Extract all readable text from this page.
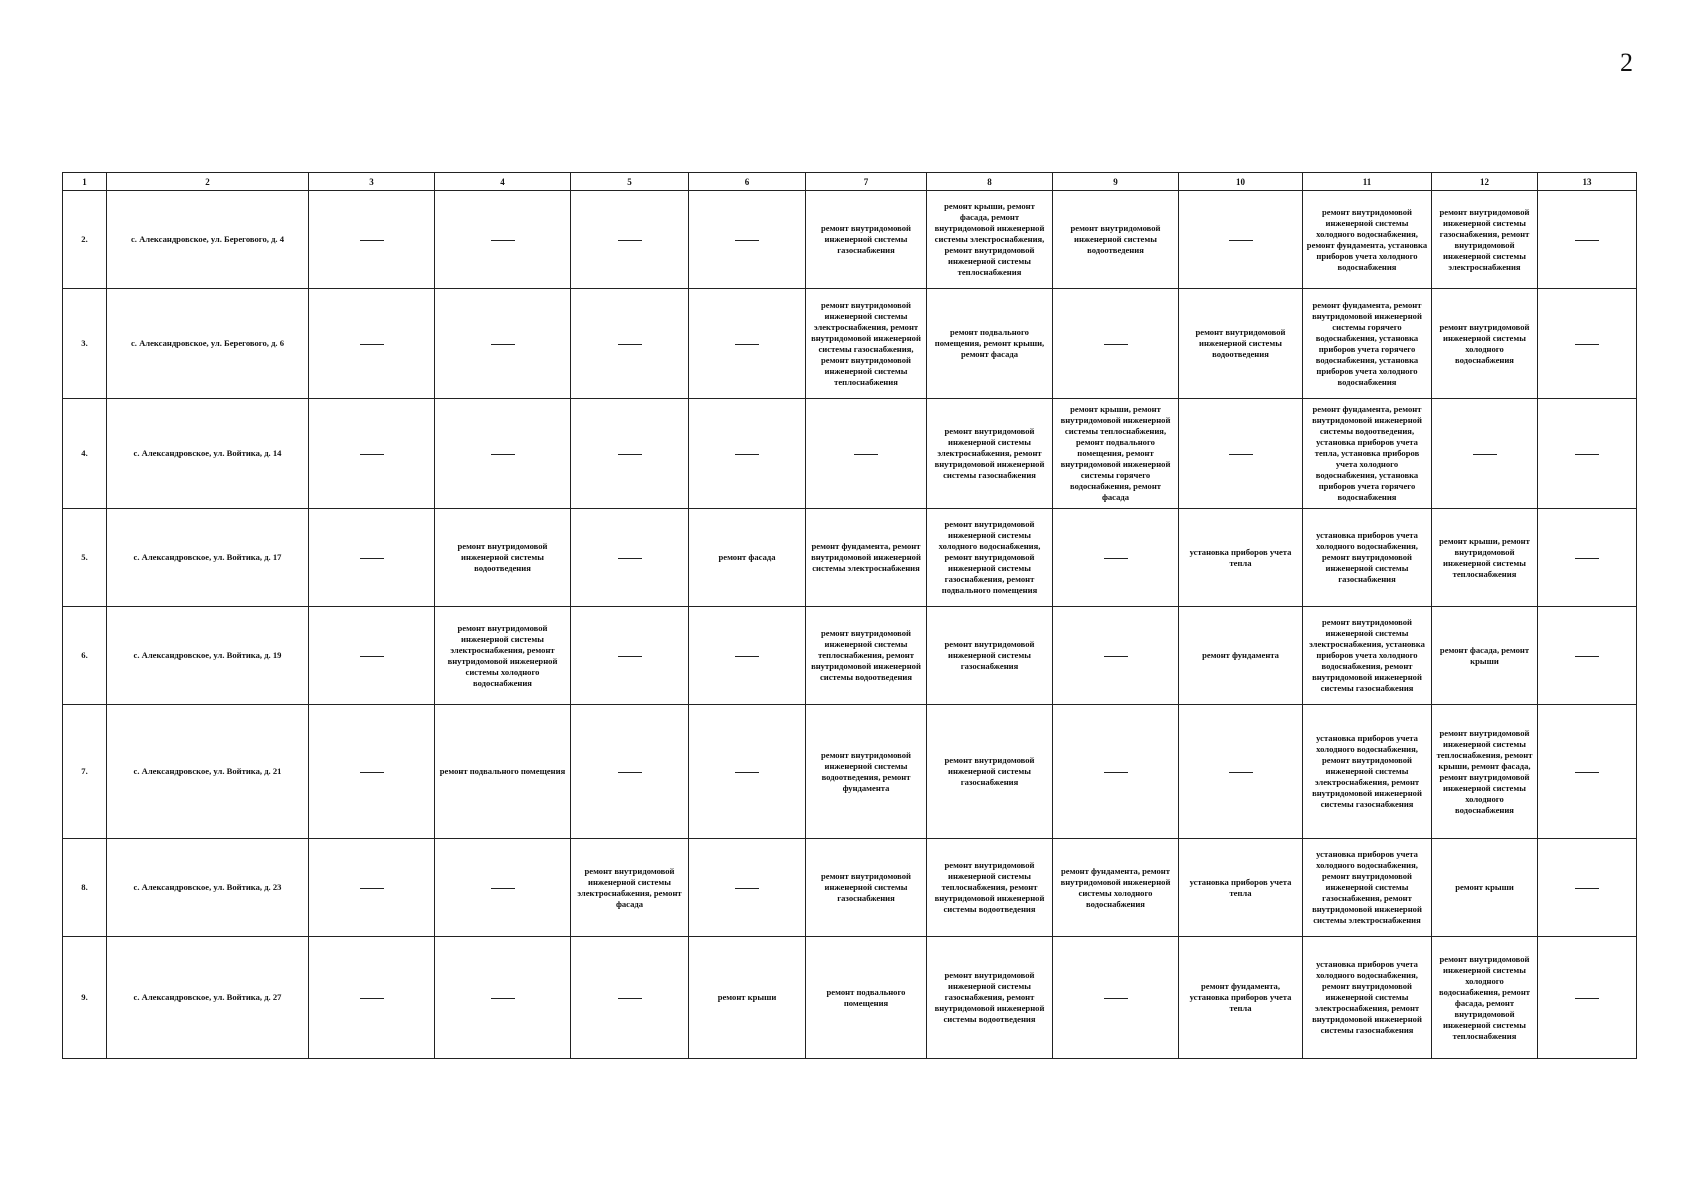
2
1	2	3	4	5	6	7	8	9	10	11	12	13
2.	с. Александровское, ул. Берегового, д. 4					ремонт внутридомовой инженерной системы газоснабжения	ремонт крыши, ремонт фасада, ремонт внутридомовой инженерной системы электроснабжения, ремонт внутридомовой инженерной системы теплоснабжения	ремонт внутридомовой инженерной системы водоотведения		ремонт внутридомовой инженерной системы холодного водоснабжения, ремонт фундамента, установка приборов учета холодного водоснабжения	ремонт внутридомовой инженерной системы газоснабжения, ремонт внутридомовой инженерной системы электроснабжения	
3.	с. Александровское, ул. Берегового, д. 6					ремонт внутридомовой инженерной системы электроснабжения, ремонт внутридомовой инженерной системы газоснабжения, ремонт внутридомовой инженерной системы теплоснабжения	ремонт подвального помещения, ремонт крыши, ремонт фасада		ремонт внутридомовой инженерной системы водоотведения	ремонт фундамента, ремонт внутридомовой инженерной системы горячего водоснабжения, установка приборов учета горячего водоснабжения, установка приборов учета холодного водоснабжения	ремонт внутридомовой инженерной системы холодного водоснабжения	
4.	с. Александровское, ул. Войтика, д. 14						ремонт внутридомовой инженерной системы электроснабжения, ремонт внутридомовой инженерной системы газоснабжения	ремонт крыши, ремонт внутридомовой инженерной системы теплоснабжения, ремонт подвального помещения, ремонт внутридомовой инженерной системы горячего водоснабжения, ремонт фасада		ремонт фундамента, ремонт внутридомовой инженерной системы водоотведения, установка приборов учета тепла, установка приборов учета холодного водоснабжения, установка приборов учета горячего водоснабжения		
5.	с. Александровское, ул. Войтика, д. 17		ремонт внутридомовой инженерной системы водоотведения		ремонт фасада	ремонт фундамента, ремонт внутридомовой инженерной системы электроснабжения	ремонт внутридомовой инженерной системы холодного водоснабжения, ремонт внутридомовой инженерной системы газоснабжения, ремонт подвального помещения		установка приборов учета тепла	установка приборов учета холодного водоснабжения, ремонт внутридомовой инженерной системы газоснабжения	ремонт крыши, ремонт внутридомовой инженерной системы теплоснабжения	
6.	с. Александровское, ул. Войтика, д. 19		ремонт внутридомовой инженерной системы электроснабжения, ремонт внутридомовой инженерной системы холодного водоснабжения			ремонт внутридомовой инженерной системы теплоснабжения, ремонт внутридомовой инженерной системы водоотведения	ремонт внутридомовой инженерной системы газоснабжения		ремонт фундамента	ремонт внутридомовой инженерной системы электроснабжения, установка приборов учета холодного водоснабжения, ремонт внутридомовой инженерной системы газоснабжения	ремонт фасада, ремонт крыши	
7.	с. Александровское, ул. Войтика, д. 21		ремонт подвального помещения			ремонт внутридомовой инженерной системы водоотведения, ремонт фундамента	ремонт внутридомовой инженерной системы газоснабжения			установка приборов учета холодного водоснабжения, ремонт внутридомовой инженерной системы электроснабжения, ремонт внутридомовой инженерной системы газоснабжения	ремонт внутридомовой инженерной системы теплоснабжения, ремонт крыши, ремонт фасада, ремонт внутридомовой инженерной системы холодного водоснабжения	
8.	с. Александровское, ул. Войтика, д. 23			ремонт внутридомовой инженерной системы электроснабжения, ремонт фасада		ремонт внутридомовой инженерной системы газоснабжения	ремонт внутридомовой инженерной системы теплоснабжения, ремонт внутридомовой инженерной системы водоотведения	ремонт фундамента, ремонт внутридомовой инженерной системы холодного водоснабжения	установка приборов учета тепла	установка приборов учета холодного водоснабжения, ремонт внутридомовой инженерной системы газоснабжения, ремонт внутридомовой инженерной системы электроснабжения	ремонт крыши	
9.	с. Александровское, ул. Войтика, д. 27				ремонт крыши	ремонт подвального помещения	ремонт внутридомовой инженерной системы газоснабжения, ремонт внутридомовой инженерной системы водоотведения		ремонт фундамента, установка приборов учета тепла	установка приборов учета холодного водоснабжения, ремонт внутридомовой инженерной системы электроснабжения, ремонт внутридомовой инженерной системы газоснабжения	ремонт внутридомовой инженерной системы холодного водоснабжения, ремонт фасада, ремонт внутридомовой инженерной системы теплоснабжения	
